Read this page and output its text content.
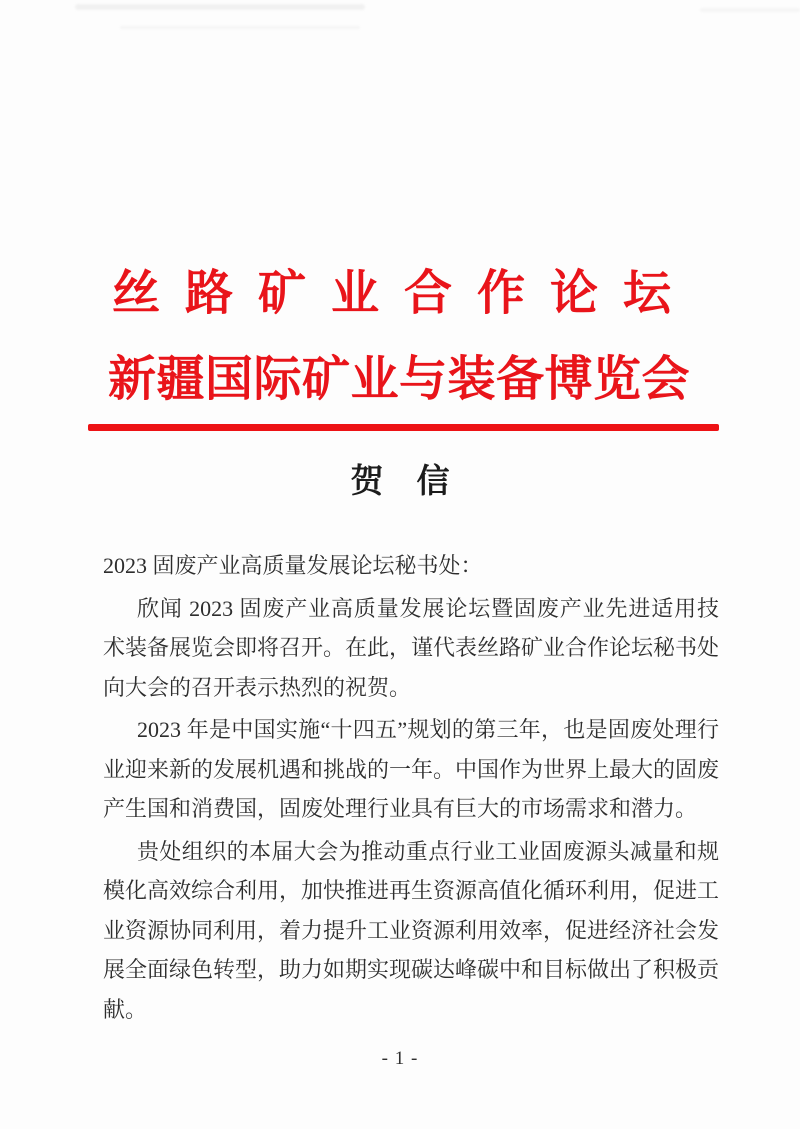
丝路矿业合作论坛
新疆国际矿业与装备博览会
贺　信

2023 固废产业高质量发展论坛秘书处：

欣闻 2023 固废产业高质量发展论坛暨固废产业先进适用技术装备展览会即将召开。在此，谨代表丝路矿业合作论坛秘书处向大会的召开表示热烈的祝贺。

2023 年是中国实施“十四五”规划的第三年，也是固废处理行业迎来新的发展机遇和挑战的一年。中国作为世界上最大的固废产生国和消费国，固废处理行业具有巨大的市场需求和潜力。

贵处组织的本届大会为推动重点行业工业固废源头减量和规模化高效综合利用，加快推进再生资源高值化循环利用，促进工业资源协同利用，着力提升工业资源利用效率，促进经济社会发展全面绿色转型，助力如期实现碳达峰碳中和目标做出了积极贡献。

- 1 -
